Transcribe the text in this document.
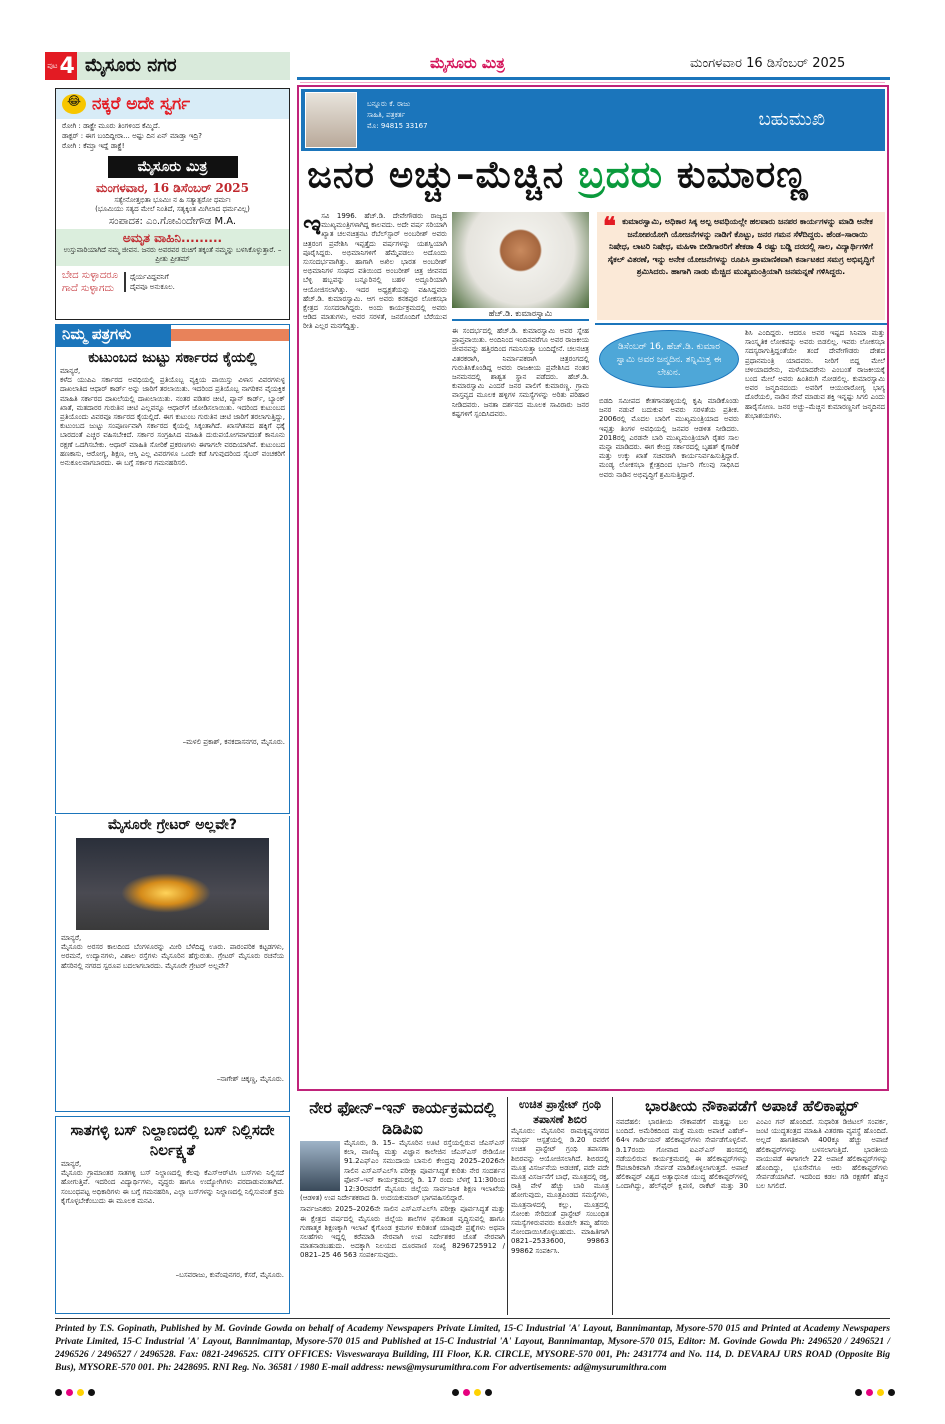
ಪುಟ 4 ಮೈಸೂರು ನಗರ	ಮೈಸೂರು ಮಿತ್ರ	ಮಂಗಳವಾರ 16 ಡಿಸೆಂಬರ್ 2025
😂 ನಕ್ಕರೆ ಅದೇ ಸ್ವರ್ಗ
ರೋಗಿ : ಡಾಕ್ಟ್ರೇ ಮೂರು ತಿಂಗಳಿಂದ ಕೆಮ್ಮಿದೆ.
ಡಾಕ್ಟರ್ : ಈಗ ಬಂದಿದ್ದೀರಾ... ಅಷ್ಟು ದಿನ ಏನ್ ಮಾಡ್ತಾ ಇದ್ರಿ?
ರೋಗಿ : ಕೆಮ್ತಾ ಇದ್ದೆ ಡಾಕ್ಟ್ರೆ!
ಮೈಸೂರು ಮಿತ್ರ
ಮಂಗಳವಾರ, 16 ಡಿಸೆಂಬರ್ 2025
ಸತ್ಯೇನೋತ್ತಭಿತಾ ಭೂಮಿಃ ನ ಹಿ ಸತ್ಯಾತ್ಪರೋ ಧರ್ಮಃ
(ಭೂಮಿಯು ಸತ್ಯದ ಮೇಲೆ ನಿಂತಿದೆ, ಸತ್ಯಕ್ಕಿಂತ ಮಿಗಿಲಾದ ಧರ್ಮವಿಲ್ಲ)
ಸಂಪಾದಕ: ಎಂ.ಗೋವಿಂದೇಗೌಡ M.A.
ಅಮೃತ ವಾಹಿನಿ.........
ಉಸ್ತುವಾರಿಯಾಗಿದೆ ನಮ್ಮ ಜೀವನ. ಜನರು ಅವರವರ ರುಚಿಗೆ ತಕ್ಕಂತೆ ನಮ್ಮನ್ನು ಬಳಸಿಕೊಳ್ಳುತ್ತಾರೆ. – ಪ್ರೀತು ಪ್ರೀತಮ್
ಬೇದ ಸುಳ್ಳಾದರೂ
ಗಾದೆ ಸುಳ್ಳಾಗದು
ಧೈರ್ಯವಿದ್ದವನಿಗೆ
ದೈವವೂ ಅನುಕೂಲ.
ನಿಮ್ಮ ಪತ್ರಗಳು
ಕುಟುಂಬದ ಜುಟ್ಟು ಸರ್ಕಾರದ ಕೈಯಲ್ಲಿ
ಮಾನ್ಯರೆ,
ಕಳೆದ ಯುಪಿಎ ಸರ್ಕಾರದ ಅವಧಿಯಲ್ಲಿ ಪ್ರತಿಯೊಬ್ಬ ವ್ಯಕ್ತಿಯ ಪಾಯಿಸ್ತು ವಿಳಾಸ ವಿವರಗಳುಳ್ಳ ದಾಖಲಾತಿದ ಆಧಾರ್ ಕಾರ್ಡ್ ಅನ್ನು ಜಾರಿಗೆ ತರಲಾಯಿತು. ಇದರಿಂದ ಪ್ರತಿಯೊಬ್ಬ ನಾಗರಿಕನ ವೈಯಕ್ತಿಕ ಮಾಹಿತಿ ಸರ್ಕಾರದ ದಾಖಲೆಯಲ್ಲಿ ದಾಖಲಾಯಿತು. ನಂತರ ಪಡಿತರ ಚೀಟಿ, ಪ್ಯಾನ್ ಕಾರ್ಡ್, ಬ್ಯಾಂಕ್ ಖಾತೆ, ಮತದಾರರ ಗುರುತಿನ ಚೀಟಿ ಎಲ್ಲವನ್ನೂ ಆಧಾರ್‌ಗೆ ಜೋಡಿಸಲಾಯಿತು. ಇದರಿಂದ ಕುಟುಂಬದ ಪ್ರತಿಯೊಂದು ವಿವರವೂ ಸರ್ಕಾರದ ಕೈಯಲ್ಲಿದೆ. ಈಗ ಕುಟುಂಬ ಗುರುತಿನ ಚೀಟಿ ಜಾರಿಗೆ ತರಲಾಗುತ್ತಿದ್ದು, ಕುಟುಂಬದ ಜುಟ್ಟು ಸಂಪೂರ್ಣವಾಗಿ ಸರ್ಕಾರದ ಕೈಯಲ್ಲಿ ಸಿಕ್ಕಂತಾಗಿದೆ. ಖಾಸಗಿತನದ ಹಕ್ಕಿಗೆ ಧಕ್ಕೆ ಬಾರದಂತೆ ಎಚ್ಚರ ವಹಿಸಬೇಕಿದೆ. ಸರ್ಕಾರ ಸಂಗ್ರಹಿಸಿದ ಮಾಹಿತಿ ದುರುಪಯೋಗವಾಗದಂತೆ ಕಾನೂನು ರಕ್ಷಣೆ ಒದಗಿಸಬೇಕು. ಆಧಾರ್ ಮಾಹಿತಿ ಸೋರಿಕೆ ಪ್ರಕರಣಗಳು ಈಗಾಗಲೇ ವರದಿಯಾಗಿವೆ. ಕುಟುಂಬದ ಹಣಕಾಸು, ಆರೋಗ್ಯ, ಶಿಕ್ಷಣ, ಆಸ್ತಿ ಎಲ್ಲ ವಿವರಗಳೂ ಒಂದೇ ಕಡೆ ಸಿಗುವುದರಿಂದ ಸೈಬರ್ ವಂಚಕರಿಗೆ ಅನುಕೂಲವಾಗಬಾರದು. ಈ ಬಗ್ಗೆ ಸರ್ಕಾರ ಗಮನಹರಿಸಲಿ.
–ಮಳಲಿ ಪ್ರಕಾಶ್, ಕನಕದಾಸನಗರ, ಮೈಸೂರು.
ಮೈಸೂರೇ ಗ್ರೇಟರ್ ಅಲ್ಲವೇ?
ಮಾನ್ಯರೆ,
ಮೈಸೂರು ಅರಸರ ಕಾಲದಿಂದ ಬೆಂಗಳೂರನ್ನು ಮೀರಿ ಬೆಳೆದಿದ್ದ ಊರು. ಪಾರಂಪರಿಕ ಕಟ್ಟಡಗಳು, ಅರಮನೆ, ಉದ್ಯಾನಗಳು, ವಿಶಾಲ ರಸ್ತೆಗಳು ಮೈಸೂರಿನ ಹೆಗ್ಗುರುತು. ಗ್ರೇಟರ್ ಮೈಸೂರು ರಚನೆಯ ಹೆಸರಿನಲ್ಲಿ ನಗರದ ಸ್ವರೂಪ ಬದಲಾಗಬಾರದು. ಮೈಸೂರೇ ಗ್ರೇಟರ್ ಅಲ್ಲವೇ?
–ನಾಗೇಶ್ ಚಿಕ್ಕಣ್ಣ, ಮೈಸೂರು.
ಸಾತಗಳ್ಳಿ ಬಸ್ ನಿಲ್ದಾಣದಲ್ಲಿ ಬಸ್ ನಿಲ್ಲಿಸದೇ ನಿರ್ಲಕ್ಷ್ಯತೆ
ಮಾನ್ಯರೆ,
ಮೈಸೂರು ಗ್ರಾಮಾಂತರ ಸಾತಗಳ್ಳಿ ಬಸ್ ನಿಲ್ದಾಣದಲ್ಲಿ ಕೆಲವು ಕೆಎಸ್‌ಆರ್‌ಟಿಸಿ ಬಸ್‌ಗಳು ನಿಲ್ಲಿಸದೆ ಹೋಗುತ್ತಿವೆ. ಇದರಿಂದ ವಿದ್ಯಾರ್ಥಿಗಳು, ವೃದ್ಧರು ಹಾಗೂ ಉದ್ಯೋಗಿಗಳು ಪರದಾಡುವಂತಾಗಿದೆ. ಸಂಬಂಧಪಟ್ಟ ಅಧಿಕಾರಿಗಳು ಈ ಬಗ್ಗೆ ಗಮನಹರಿಸಿ, ಎಲ್ಲಾ ಬಸ್‌ಗಳನ್ನು ನಿಲ್ದಾಣದಲ್ಲಿ ನಿಲ್ಲಿಸುವಂತೆ ಕ್ರಮ ಕೈಗೊಳ್ಳಬೇಕೆಂಬುದು ಈ ಮೂಲಕ ಮನವಿ.
–ಬಸವರಾಜು, ಕುವೆಂಪುನಗರ, ಕೆಸರೆ, ಮೈಸೂರು.
ಬನ್ನೂರು ಕೆ. ರಾಜು
ಸಾಹಿತಿ, ಪತ್ರಕರ್ತ
ಮೊ: 94815 33167	ಬಹುಮುಖಿ
ಜನರ ಅಚ್ಚು–ಮೆಚ್ಚಿನ ಬ್ರದರು ಕುಮಾರಣ್ಣ
ಇಸವಿ 1996. ಹೆಚ್.ಡಿ. ದೇವೇಗೌಡರು ರಾಜ್ಯದ ಮುಖ್ಯಮಂತ್ರಿಗಳಾಗಿದ್ದ ಕಾಲವದು. ಅದೇ ವರ್ಷ ಸರಿಯಾಗಿ ಖ್ಯಾತ ಚಲನಚಿತ್ರನಟ ರೆಬೆಲ್‌ಸ್ಟಾರ್ ಅಂಬರೀಶ್ ಅವರು ಚಿತ್ರರಂಗ ಪ್ರವೇಶಿಸಿ ಇಪ್ಪತ್ತೈದು ವರ್ಷಗಳನ್ನು ಯಶಸ್ವಿಯಾಗಿ ಪೂರೈಸಿದ್ದರು. ಅಭಿಮಾನಿಗಳಿಗೆ ಹೆಮ್ಮೆಪಡಲು ಅದೊಂದು ಸುಸಂದರ್ಭವಾಗಿತ್ತು. ಹಾಗಾಗಿ ಅಖಿಲ ಭಾರತ ಅಂಬರೀಶ್ ಅಭಿಮಾನಿಗಳ ಸಂಘದ ವತಿಯಿಂದ ಅಂಬರೀಶ್ ಚಿತ್ರ ಜೀವನದ ಬೆಳ್ಳಿ ಹಬ್ಬವನ್ನು ಬನ್ನೂರಿನಲ್ಲಿ ಬಹಳ ಅದ್ದೂರಿಯಾಗಿ ಆಯೋಜಿಸಲಾಗಿತ್ತು. ಇದರ ಅಧ್ಯಕ್ಷತೆಯನ್ನು ವಹಿಸಿದ್ದವರು ಹೆಚ್.ಡಿ. ಕುಮಾರಸ್ವಾಮಿ. ಆಗ ಅವರು ಕನಕಪುರ ಲೋಕಸಭಾ ಕ್ಷೇತ್ರದ ಸಂಸದರಾಗಿದ್ದರು. ಅಂದು ಕಾರ್ಯಕ್ರಮದಲ್ಲಿ ಅವರು ಆಡಿದ ಮಾತುಗಳು, ಅವರ ಸರಳತೆ, ಜನರೊಂದಿಗೆ ಬೆರೆಯುವ ರೀತಿ ಎಲ್ಲರ ಮನಗೆದ್ದಿತ್ತು.
ಹೆಚ್.ಡಿ. ಕುಮಾರಸ್ವಾಮಿ
ಈ ಸಂದರ್ಭದಲ್ಲಿ ಹೆಚ್.ಡಿ. ಕುಮಾರಸ್ವಾಮಿ ಅವರ ಸ್ನೇಹ ಪ್ರಾಪ್ತವಾಯಿತು. ಅಂದಿನಿಂದ ಇಂದಿನವರೆಗೂ ಅವರ ರಾಜಕೀಯ ಜೀವನವನ್ನು ಹತ್ತಿರದಿಂದ ಗಮನಿಸುತ್ತಾ ಬಂದಿದ್ದೇನೆ. ಚಲನಚಿತ್ರ ವಿತರಕರಾಗಿ, ನಿರ್ಮಾಪಕರಾಗಿ ಚಿತ್ರರಂಗದಲ್ಲಿ ಗುರುತಿಸಿಕೊಂಡಿದ್ದ ಅವರು ರಾಜಕೀಯ ಪ್ರವೇಶಿಸಿದ ನಂತರ ಜನಮನದಲ್ಲಿ ಶಾಶ್ವತ ಸ್ಥಾನ ಪಡೆದರು. ಹೆಚ್.ಡಿ. ಕುಮಾರಸ್ವಾಮಿ ಎಂದರೆ ಜನರ ಪಾಲಿಗೆ ಕುಮಾರಣ್ಣ. ಗ್ರಾಮ ವಾಸ್ತವ್ಯದ ಮೂಲಕ ಹಳ್ಳಿಗಳ ಸಮಸ್ಯೆಗಳನ್ನು ಅರಿತು ಪರಿಹಾರ ನೀಡಿದವರು. ಜನತಾ ದರ್ಶನದ ಮೂಲಕ ಸಾವಿರಾರು ಜನರ ಕಷ್ಟಗಳಿಗೆ ಸ್ಪಂದಿಸಿದವರು.
❝ ಕುಮಾರಸ್ವಾಮಿ, ಅಧಿಕಾರ ಸಿಕ್ಕ ಅಲ್ಪ ಅವಧಿಯಲ್ಲೇ ಹಲವಾರು ಜನಪರ ಕಾರ್ಯಗಳನ್ನು ಮಾಡಿ ಅನೇಕ ಜನೋಪಯೋಗಿ ಯೋಜನೆಗಳನ್ನು ನಾಡಿಗೆ ಕೊಟ್ಟು, ಜನರ ಗಮನ ಸೆಳೆದಿದ್ದರು. ಹೆಂಡ–ಸಾರಾಯಿ ನಿಷೇಧ, ಲಾಟರಿ ನಿಷೇಧ, ಮಹಿಳಾ ಬೀಡಿಗಾರರಿಗೆ ಶೇಕಡಾ 4 ರಷ್ಟು ಬಡ್ಡಿ ದರದಲ್ಲಿ ಸಾಲ, ವಿದ್ಯಾರ್ಥಿಗಳಿಗೆ ಸೈಕಲ್ ವಿತರಣೆ, ಇನ್ನು ಅನೇಕ ಯೋಜನೆಗಳನ್ನು ರೂಪಿಸಿ ಪ್ರಾಮಾಣಿಕವಾಗಿ ಕರ್ನಾಟಕದ ಸಮಗ್ರ ಅಭಿವೃದ್ಧಿಗೆ ಶ್ರಮಿಸಿದರು. ಹಾಗಾಗಿ ನಾಡು ಮೆಚ್ಚಿದ ಮುಖ್ಯಮಂತ್ರಿಯಾಗಿ ಜನಮನ್ನಣೆ ಗಳಿಸಿದ್ದರು.
ಡಿಸೆಂಬರ್ 16, ಹೆಚ್.ಡಿ. ಕುಮಾರ ಸ್ವಾಮಿ ಅವರ ಜನ್ಮದಿನ. ತನ್ನಿಮಿತ್ತ ಈ ಲೇಖನ.
ಬಿಡದಿ ಸಮೀಪದ ಕೇತಗಾನಹಳ್ಳಿಯಲ್ಲಿ ಕೃಷಿ ಮಾಡಿಕೊಂಡು ಜನರ ನಡುವೆ ಬದುಕುವ ಅವರು ಸರಳತೆಯ ಪ್ರತೀಕ. 2006ರಲ್ಲಿ ಮೊದಲ ಬಾರಿಗೆ ಮುಖ್ಯಮಂತ್ರಿಯಾದ ಅವರು ಇಪ್ಪತ್ತು ತಿಂಗಳ ಅವಧಿಯಲ್ಲಿ ಜನಪರ ಆಡಳಿತ ನೀಡಿದರು. 2018ರಲ್ಲಿ ಎರಡನೇ ಬಾರಿ ಮುಖ್ಯಮಂತ್ರಿಯಾಗಿ ರೈತರ ಸಾಲ ಮನ್ನಾ ಮಾಡಿದರು. ಈಗ ಕೇಂದ್ರ ಸರ್ಕಾರದಲ್ಲಿ ಬೃಹತ್ ಕೈಗಾರಿಕೆ ಮತ್ತು ಉಕ್ಕು ಖಾತೆ ಸಚಿವರಾಗಿ ಕಾರ್ಯನಿರ್ವಹಿಸುತ್ತಿದ್ದಾರೆ. ಮಂಡ್ಯ ಲೋಕಸಭಾ ಕ್ಷೇತ್ರದಿಂದ ಭರ್ಜರಿ ಗೆಲುವು ಸಾಧಿಸಿದ ಅವರು ನಾಡಿನ ಅಭಿವೃದ್ಧಿಗೆ ಶ್ರಮಿಸುತ್ತಿದ್ದಾರೆ.
ಶಿಸಿ ಎಂದಿದ್ದರು. ಆದರೂ ಅವರ ಇಷ್ಟದ ಸಿನಿಮಾ ಮತ್ತು ಸಾಂಸ್ಕೃತಿಕ ಲೋಕವನ್ನು ಅವರು ಬಿಡಲಿಲ್ಲ. ಇವರು ಲೋಕಸಭಾ ಸದಸ್ಯರಾಗುತ್ತಿದ್ದಂತೆಯೇ ತಂದೆ ದೇವೇಗೌಡರು ದೇಶದ ಪ್ರಧಾನಮಂತ್ರಿ ಯಾದವರು. ನೀರಿಗೆ ಬಿದ್ದ ಮೇಲೆ ಚಳಿಯಾದರೇನು, ಮಳೆಯಾದರೇನು ಎಂಬಂತೆ ರಾಜಕೀಯಕ್ಕೆ ಬಂದ ಮೇಲೆ ಅವರು ಹಿಂತಿರುಗಿ ನೋಡಲಿಲ್ಲ. ಕುಮಾರಸ್ವಾಮಿ ಅವರ ಜನ್ಮದಿನದಂದು ಅವರಿಗೆ ಆಯುರಾರೋಗ್ಯ ಭಾಗ್ಯ ದೊರೆಯಲಿ, ನಾಡಿನ ಸೇವೆ ಮಾಡುವ ಶಕ್ತಿ ಇನ್ನಷ್ಟು ಸಿಗಲಿ ಎಂದು ಹಾರೈಸೋಣ. ಜನರ ಅಚ್ಚು–ಮೆಚ್ಚಿನ ಕುಮಾರಣ್ಣನಿಗೆ ಜನ್ಮದಿನದ ಶುಭಾಶಯಗಳು.
ನೇರ ಫೋನ್–ಇನ್ ಕಾರ್ಯಕ್ರಮದಲ್ಲಿ ಡಿಡಿಪಿಐ
ಮೈಸೂರು, ಡಿ. 15– ಮೈಸೂರಿನ ಊಟಿ ರಸ್ತೆಯಲ್ಲಿರುವ ಜೆಎಸ್‌ಎಸ್ ಕಲಾ, ವಾಣಿಜ್ಯ ಮತ್ತು ವಿಜ್ಞಾನ ಕಾಲೇಜಿನ ಜೆಎಸ್‌ಎಸ್ ರೇಡಿಯೋ 91.2ಎಫ್‌ಎಂ ಸಮುದಾಯ ಬಾನುಲಿ ಕೇಂದ್ರವು 2025–2026ನೇ ಸಾಲಿನ ಎಸ್‌ಎಸ್‌ಎಲ್‌ಸಿ ಪರೀಕ್ಷಾ ಪೂರ್ವಸಿದ್ಧತೆ ಕುರಿತು ನೇರ ಸಂದರ್ಶನ ಫೋನ್–ಇನ್ ಕಾರ್ಯಕ್ರಮದಲ್ಲಿ ಡಿ. 17 ರಂದು ಬೆಳಗ್ಗೆ 11:30ರಿಂದ 12:30ರವರೆಗೆ ಮೈಸೂರು ಜಿಲ್ಲೆಯ ಸಾರ್ವಜನಿಕ ಶಿಕ್ಷಣ ಇಲಾಖೆಯ (ಆಡಳಿತ) ಉಪ ನಿರ್ದೇಶಕರಾದ ಡಿ. ಉದಯಕುಮಾರ್ ಭಾಗವಹಿಸಲಿದ್ದಾರೆ.
ಸಾರ್ವಜನಿಕರು 2025–2026ನೇ ಸಾಲಿನ ಎಸ್‌ಎಸ್‌ಎಲ್‌ಸಿ ಪರೀಕ್ಷಾ ಪೂರ್ವಸಿದ್ಧತೆ ಮತ್ತು ಈ ಕ್ಷೇತ್ರದ ವರ್ಷದಲ್ಲಿ ಮೈಸೂರು ಜಿಲ್ಲೆಯ ಶಾಲೆಗಳ ಫಲಿತಾಂಶ ವೃದ್ಧಿಸುವಲ್ಲಿ ಹಾಗೂ ಗುಣಾತ್ಮಕ ಶಿಕ್ಷಣಕ್ಕಾಗಿ ಇಲಾಖೆ ಕೈಗೊಂಡ ಕ್ರಮಗಳ ಕುರಿತಂತೆ ಯಾವುದೇ ಪ್ರಶ್ನೆಗಳು ಅಥವಾ ಸಲಹೆಗಳು ಇದ್ದಲ್ಲಿ ಕರೆಮಾಡಿ ನೇರವಾಗಿ ಉಪ ನಿರ್ದೇಶಕರ ಜೊತೆ ನೇರವಾಗಿ ಮಾತನಾಡಬಹುದು. ಅದಕ್ಕಾಗಿ ನಿಲಯದ ದೂರವಾಣಿ ಸಂಖ್ಯೆ 8296725912 / 0821–25 46 563 ಸಂಪರ್ಕಿಸುವುದು.
ಉಚಿತ ಪ್ರಾಸ್ಟೇಟ್ ಗ್ರಂಥಿ ತಪಾಸಣೆ ಶಿಬಿರ
ಮೈಸೂರು: ಮೈಸೂರಿನ ರಾಮಕೃಷ್ಣನಗರದ ಸಮರ್ಥ ಆಸ್ಪತ್ರೆಯಲ್ಲಿ ಡಿ.20 ರವರೆಗೆ ಉಚಿತ ಪ್ರಾಸ್ಟೇಟ್ ಗ್ರಂಥಿ ತಪಾಸಣಾ ಶಿಬಿರವನ್ನು ಆಯೋಜಿಸಲಾಗಿದೆ. ಶಿಬಿರದಲ್ಲಿ ಮೂತ್ರ ವಿಸರ್ಜನೆಯ ಅಡಚಣೆ, ಪದೇ ಪದೇ ಮೂತ್ರ ವಿಸರ್ಜನೆಗೆ ಬಾಧೆ, ಮೂತ್ರದಲ್ಲಿ ರಕ್ತ, ರಾತ್ರಿ ವೇಳೆ ಹೆಚ್ಚು ಬಾರಿ ಮೂತ್ರ ಹೋಗುವುದು, ಮೂತ್ರಪಿಂಡದ ಸಮಸ್ಯೆಗಳು, ಮೂತ್ರನಾಳದಲ್ಲಿ ಕಲ್ಲು, ಮೂತ್ರದಲ್ಲಿ ಸೋಂಕು ಸೇರಿದಂತೆ ಪ್ರಾಸ್ಟೇಟ್ ಸಂಬಂಧಿತ ಸಮಸ್ಯೆಗಳಿರುವವರು ಕೂಡಲೇ ತಮ್ಮ ಹೆಸರು ನೋಂದಾಯಿಸಿಕೊಳ್ಳಬಹುದು. ಮಾಹಿತಿಗಾಗಿ 0821–2533600, 99863 99862 ಸಂಪರ್ಕಿಸಿ.
ಭಾರತೀಯ ನೌಕಾಪಡೆಗೆ ಅಪಾಚೆ ಹೆಲಿಕಾಪ್ಟರ್
ನವದೆಹಲಿ: ಭಾರತೀಯ ನೌಕಾಪಡೆಗೆ ಮತ್ತಷ್ಟು ಬಲ ಬಂದಿದೆ. ಅಮೆರಿಕದಿಂದ ಮತ್ತೆ ಮೂರು ಅಪಾಚೆ ಎಹೆಚ್–64ಇ ಗಾರ್ಡಿಯನ್ ಹೆಲಿಕಾಪ್ಟರ್‌ಗಳು ಸೇರ್ಪಡೆಗೊಳ್ಳಲಿವೆ. ಡಿ.17ರಂದು ಗೋವಾದ ಐಎನ್‌ಎಸ್ ಹಂಸದಲ್ಲಿ ನಡೆಯಲಿರುವ ಕಾರ್ಯಕ್ರಮದಲ್ಲಿ ಈ ಹೆಲಿಕಾಪ್ಟರ್‌ಗಳನ್ನು ಔಪಚಾರಿಕವಾಗಿ ಸೇರ್ಪಡೆ ಮಾಡಿಕೊಳ್ಳಲಾಗುತ್ತದೆ. ಅಪಾಚೆ ಹೆಲಿಕಾಪ್ಟರ್ ವಿಶ್ವದ ಅತ್ಯಾಧುನಿಕ ಯುದ್ಧ ಹೆಲಿಕಾಪ್ಟರ್‌ಗಳಲ್ಲಿ ಒಂದಾಗಿದ್ದು, ಹೆಲ್‌ಫೈರ್ ಕ್ಷಿಪಣಿ, ರಾಕೆಟ್ ಮತ್ತು 30 ಎಂಎಂ ಗನ್ ಹೊಂದಿದೆ. ಸುಧಾರಿತ ಡಿಜಿಟಲ್ ಸಂಪರ್ಕ, ಜಂಟಿ ಯುದ್ಧತಂತ್ರದ ಮಾಹಿತಿ ವಿತರಣಾ ವ್ಯವಸ್ಥೆ ಹೊಂದಿದೆ. ಅಲ್ಲದೆ ಹಾಗತಿಕವಾಗಿ 400ಕ್ಕೂ ಹೆಚ್ಚು ಅಪಾಚೆ ಹೆಲಿಕಾಪ್ಟರ್‌ಗಳನ್ನು ಬಳಸಲಾಗುತ್ತಿದೆ. ಭಾರತೀಯ ವಾಯುಪಡೆ ಈಗಾಗಲೇ 22 ಅಪಾಚೆ ಹೆಲಿಕಾಪ್ಟರ್‌ಗಳನ್ನು ಹೊಂದಿದ್ದು, ಭೂಸೇನೆಗೂ ಆರು ಹೆಲಿಕಾಪ್ಟರ್‌ಗಳು ಸೇರ್ಪಡೆಯಾಗಿವೆ. ಇದರಿಂದ ಕಡಲ ಗಡಿ ರಕ್ಷಣೆಗೆ ಹೆಚ್ಚಿನ ಬಲ ಸಿಗಲಿದೆ.
Printed by T.S. Gopinath, Published by M. Govinde Gowda on behalf of Academy Newspapers Private Limited, 15-C Industrial 'A' Layout, Bannimantap, Mysore-570 015 and Printed at Academy Newspapers Private Limited, 15-C Industrial 'A' Layout, Bannimantap, Mysore-570 015 and Published at 15-C Industrial 'A' Layout, Bannimantap, Mysore-570 015, Editor: M. Govinde Gowda Ph: 2496520 / 2496521 / 2496526 / 2496527 / 2496528. Fax: 0821-2496525. CITY OFFICES: Visveswaraya Building, III Floor, K.R. CIRCLE, MYSORE-570 001, Ph: 2431774 and No. 114, D. DEVARAJ URS ROAD (Opposite Big Bus), MYSORE-570 001. Ph: 2428695. RNI Reg. No. 36581 / 1980 E-mail address: news@mysurumithra.com For advertisements: ad@mysurumithra.com
